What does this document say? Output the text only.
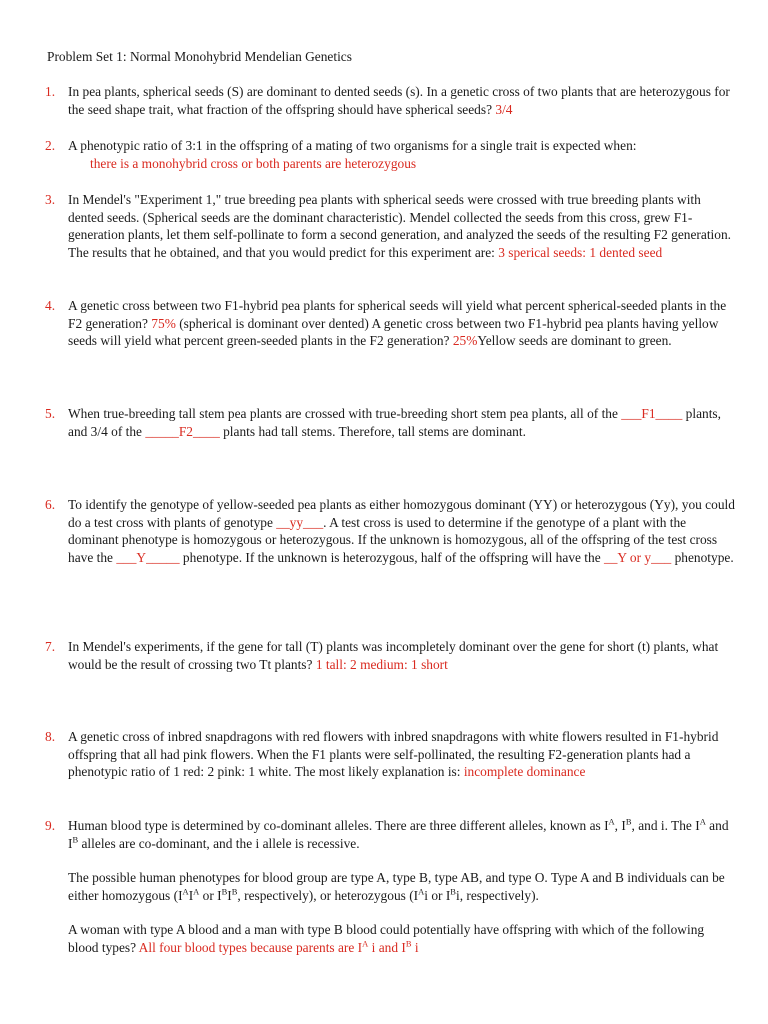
Problem Set 1: Normal Monohybrid Mendelian Genetics
1. In pea plants, spherical seeds (S) are dominant to dented seeds (s). In a genetic cross of two plants that are heterozygous for the seed shape trait, what fraction of the offspring should have spherical seeds? 3/4
2. A phenotypic ratio of 3:1 in the offspring of a mating of two organisms for a single trait is expected when:
there is a monohybrid cross or both parents are heterozygous
3. In Mendel's "Experiment 1," true breeding pea plants with spherical seeds were crossed with true breeding plants with dented seeds. (Spherical seeds are the dominant characteristic). Mendel collected the seeds from this cross, grew F1-generation plants, let them self-pollinate to form a second generation, and analyzed the seeds of the resulting F2 generation. The results that he obtained, and that you would predict for this experiment are: 3 sperical seeds: 1 dented seed
4. A genetic cross between two F1-hybrid pea plants for spherical seeds will yield what percent spherical-seeded plants in the F2 generation? 75% (spherical is dominant over dented) A genetic cross between two F1-hybrid pea plants having yellow seeds will yield what percent green-seeded plants in the F2 generation? 25%Yellow seeds are dominant to green.
5. When true-breeding tall stem pea plants are crossed with true-breeding short stem pea plants, all of the ___F1____ plants, and 3/4 of the _____F2____ plants had tall stems. Therefore, tall stems are dominant.
6. To identify the genotype of yellow-seeded pea plants as either homozygous dominant (YY) or heterozygous (Yy), you could do a test cross with plants of genotype __yy___. A test cross is used to determine if the genotype of a plant with the dominant phenotype is homozygous or heterozygous. If the unknown is homozygous, all of the offspring of the test cross have the ___Y_____ phenotype. If the unknown is heterozygous, half of the offspring will have the __Y or y___ phenotype.
7. In Mendel's experiments, if the gene for tall (T) plants was incompletely dominant over the gene for short (t) plants, what would be the result of crossing two Tt plants? 1 tall: 2 medium: 1 short
8. A genetic cross of inbred snapdragons with red flowers with inbred snapdragons with white flowers resulted in F1-hybrid offspring that all had pink flowers. When the F1 plants were self-pollinated, the resulting F2-generation plants had a phenotypic ratio of 1 red: 2 pink: 1 white. The most likely explanation is: incomplete dominance
9. Human blood type is determined by co-dominant alleles. There are three different alleles, known as $I^A$, $I^B$, and i. The $I^A$ and $I^B$ alleles are co-dominant, and the i allele is recessive.

The possible human phenotypes for blood group are type A, type B, type AB, and type O. Type A and B individuals can be either homozygous ($I^AI^A$ or $I^BI^B$, respectively), or heterozygous ($I^Ai$ or $I^Bi$, respectively).

A woman with type A blood and a man with type B blood could potentially have offspring with which of the following blood types? All four blood types because parents are $I^A$ i and $I^B$ i
